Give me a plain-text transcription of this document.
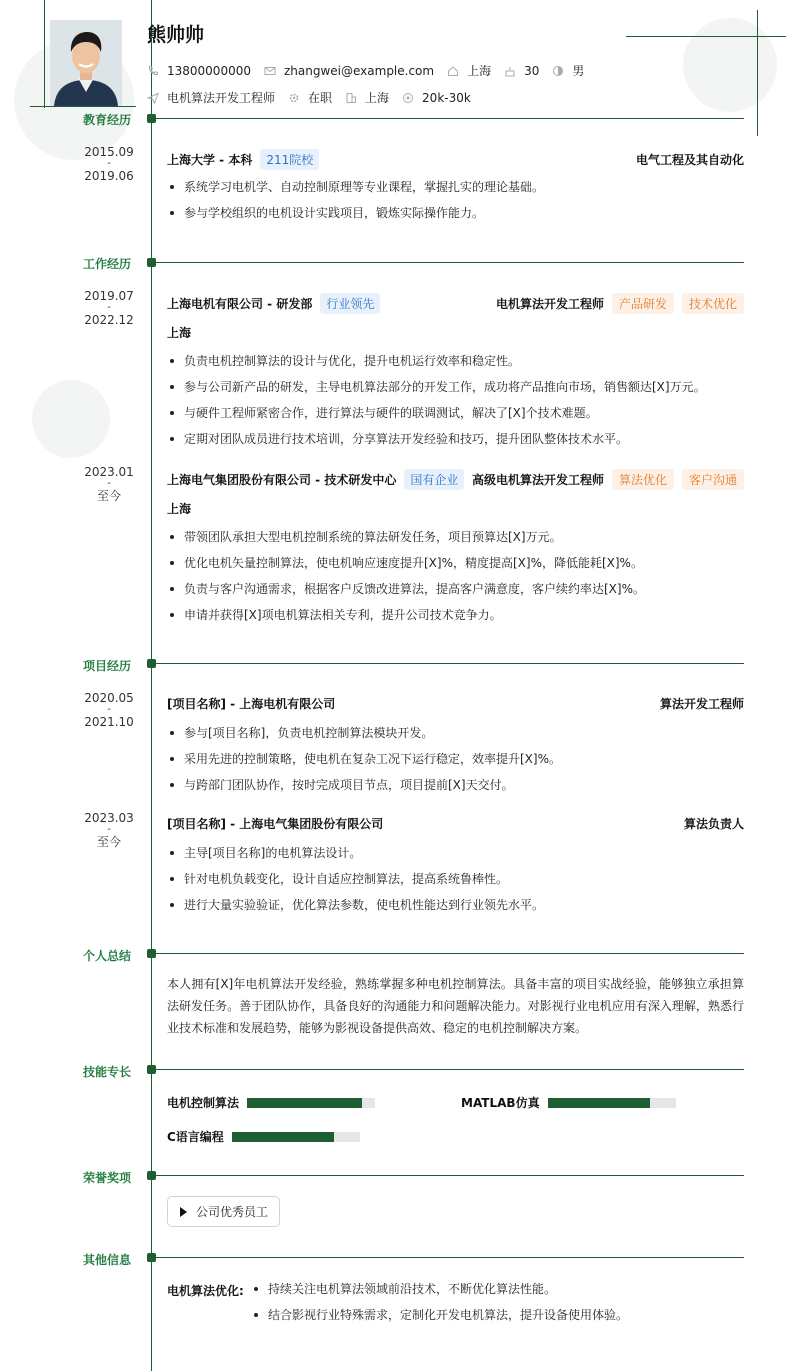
熊帅帅
13800000000	zhangwei@example.com	上海	30	男
电机算法开发工程师	在职	上海	20k-30k
教育经历
2015.09
-
2019.06
上海大学 - 本科	211院校	电气工程及其自动化
系统学习电机学、自动控制原理等专业课程，掌握扎实的理论基础。
参与学校组织的电机设计实践项目，锻炼实际操作能力。
工作经历
2019.07
-
2022.12
上海电机有限公司 - 研发部	行业领先	电机算法开发工程师	产品研发	技术优化
上海
负责电机控制算法的设计与优化，提升电机运行效率和稳定性。
参与公司新产品的研发，主导电机算法部分的开发工作，成功将产品推向市场，销售额达[X]万元。
与硬件工程师紧密合作，进行算法与硬件的联调测试，解决了[X]个技术难题。
定期对团队成员进行技术培训，分享算法开发经验和技巧，提升团队整体技术水平。
2023.01
-
至今
上海电气集团股份有限公司 - 技术研发中心	国有企业	高级电机算法开发工程师	算法优化	客户沟通
上海
带领团队承担大型电机控制系统的算法研发任务，项目预算达[X]万元。
优化电机矢量控制算法，使电机响应速度提升[X]%，精度提高[X]%，降低能耗[X]%。
负责与客户沟通需求，根据客户反馈改进算法，提高客户满意度，客户续约率达[X]%。
申请并获得[X]项电机算法相关专利，提升公司技术竞争力。
项目经历
2020.05
-
2021.10
[项目名称] - 上海电机有限公司	算法开发工程师
参与[项目名称]，负责电机控制算法模块开发。
采用先进的控制策略，使电机在复杂工况下运行稳定，效率提升[X]%。
与跨部门团队协作，按时完成项目节点，项目提前[X]天交付。
2023.03
-
至今
[项目名称] - 上海电气集团股份有限公司	算法负责人
主导[项目名称]的电机算法设计。
针对电机负载变化，设计自适应控制算法，提高系统鲁棒性。
进行大量实验验证，优化算法参数，使电机性能达到行业领先水平。
个人总结
本人拥有[X]年电机算法开发经验，熟练掌握多种电机控制算法。具备丰富的项目实战经验，能够独立承担算法研发任务。善于团队协作，具备良好的沟通能力和问题解决能力。对影视行业电机应用有深入理解，熟悉行业技术标准和发展趋势，能够为影视设备提供高效、稳定的电机控制解决方案。
技能专长
电机控制算法	MATLAB仿真
C语言编程
荣誉奖项
公司优秀员工
其他信息
电机算法优化:	持续关注电机算法领域前沿技术，不断优化算法性能。
结合影视行业特殊需求，定制化开发电机算法，提升设备使用体验。
